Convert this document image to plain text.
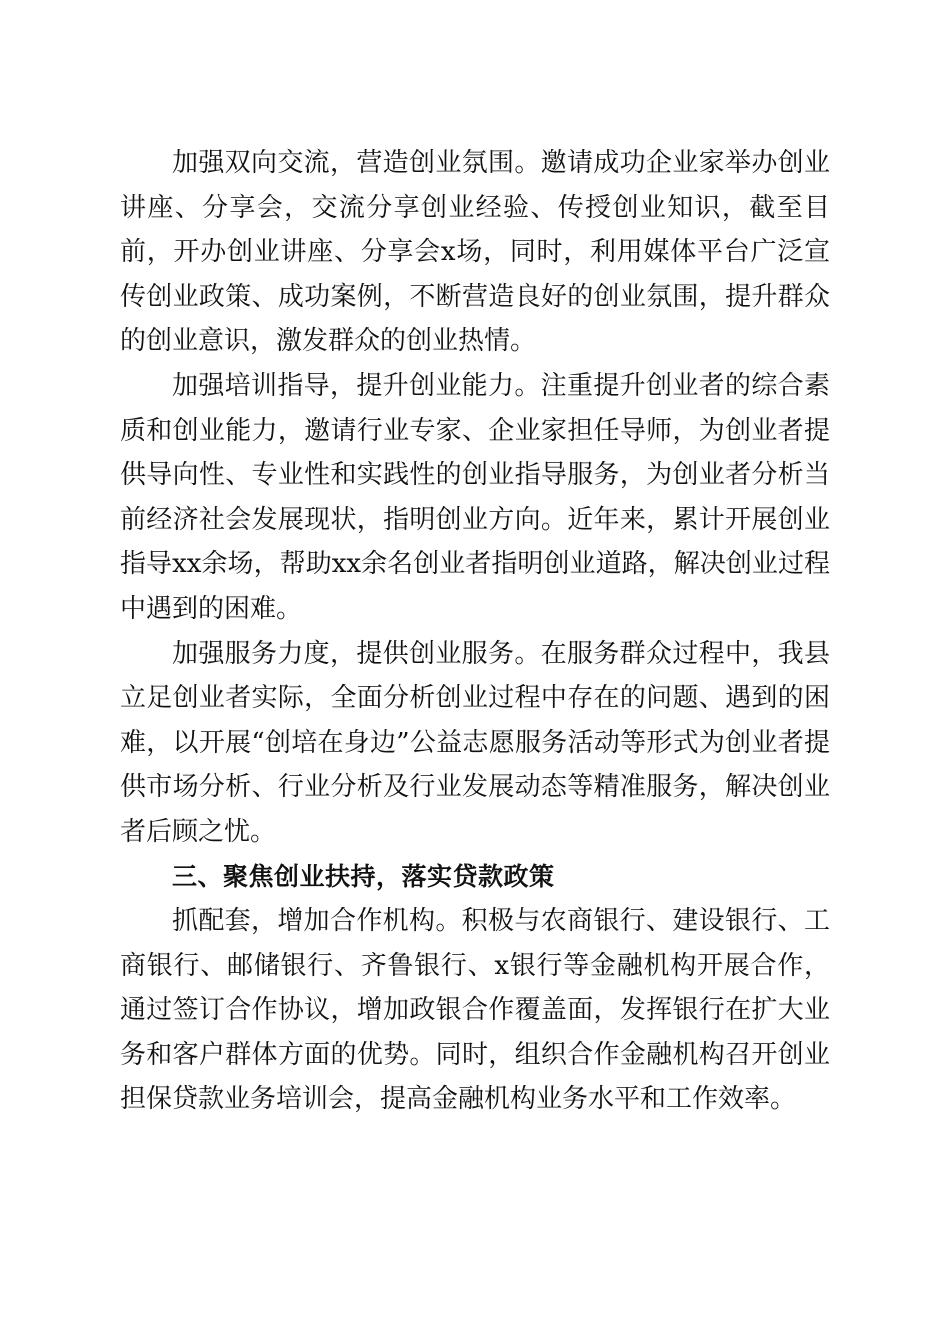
加强双向交流，营造创业氛围。邀请成功企业家举办创业讲座、分享会，交流分享创业经验、传授创业知识，截至目前，开办创业讲座、分享会x场，同时，利用媒体平台广泛宣传创业政策、成功案例，不断营造良好的创业氛围，提升群众的创业意识，激发群众的创业热情。

加强培训指导，提升创业能力。注重提升创业者的综合素质和创业能力，邀请行业专家、企业家担任导师，为创业者提供导向性、专业性和实践性的创业指导服务，为创业者分析当前经济社会发展现状，指明创业方向。近年来，累计开展创业指导xx余场，帮助xx余名创业者指明创业道路，解决创业过程中遇到的困难。

加强服务力度，提供创业服务。在服务群众过程中，我县立足创业者实际，全面分析创业过程中存在的问题、遇到的困难，以开展“创培在身边”公益志愿服务活动等形式为创业者提供市场分析、行业分析及行业发展动态等精准服务，解决创业者后顾之忧。

三、聚焦创业扶持，落实贷款政策

抓配套，增加合作机构。积极与农商银行、建设银行、工商银行、邮储银行、齐鲁银行、x银行等金融机构开展合作，通过签订合作协议，增加政银合作覆盖面，发挥银行在扩大业务和客户群体方面的优势。同时，组织合作金融机构召开创业担保贷款业务培训会，提高金融机构业务水平和工作效率。
